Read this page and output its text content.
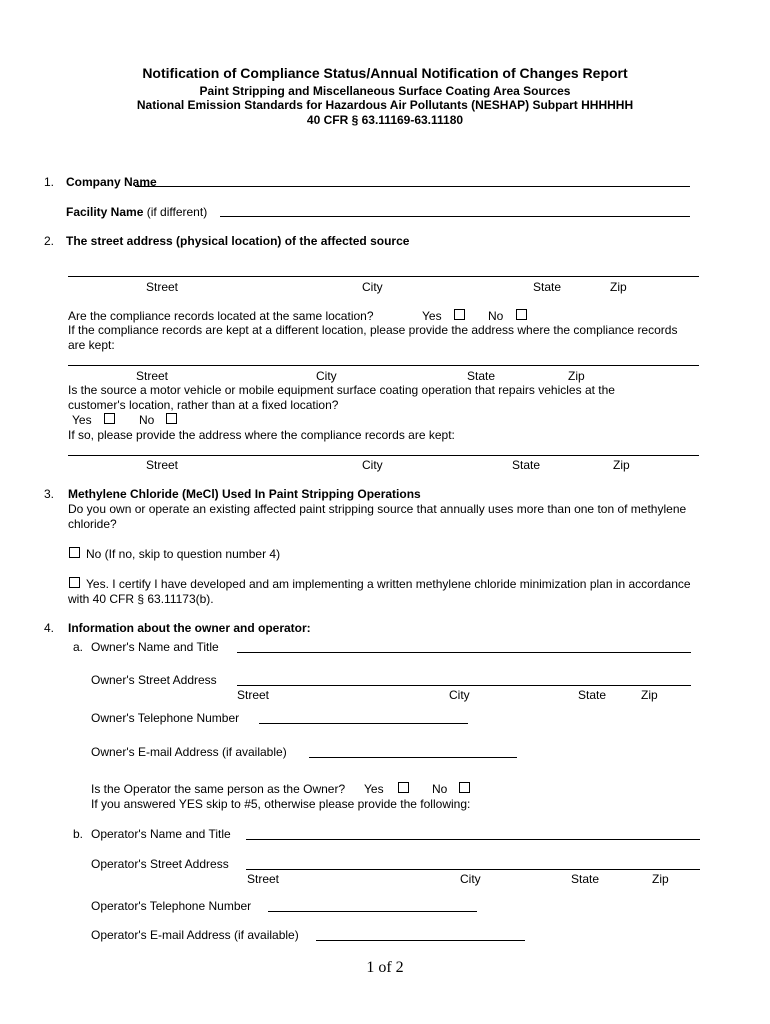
Notification of Compliance Status/Annual Notification of Changes Report
Paint Stripping and Miscellaneous Surface Coating Area Sources
National Emission Standards for Hazardous Air Pollutants (NESHAP) Subpart HHHHHH
40 CFR § 63.11169-63.11180
1. Company Name
Facility Name (if different)
2. The street address (physical location) of the affected source
Street	City	State	Zip
Are the compliance records located at the same location?	Yes	No
If the compliance records are kept at a different location, please provide the address where the compliance records
are kept:
Street	City	State	Zip
Is the source a motor vehicle or mobile equipment surface coating operation that repairs vehicles at the
customer's location, rather than at a fixed location?
Yes	No
If so, please provide the address where the compliance records are kept:
Street	City	State	Zip
3. Methylene Chloride (MeCl) Used In Paint Stripping Operations
Do you own or operate an existing affected paint stripping source that annually uses more than one ton of methylene
chloride?
No (If no, skip to question number 4)
Yes. I certify I have developed and am implementing a written methylene chloride minimization plan in accordance
with 40 CFR § 63.11173(b).
4. Information about the owner and operator:
a. Owner's Name and Title
Owner's Street Address
Street	City	State	Zip
Owner's Telephone Number
Owner's E-mail Address (if available)
Is the Operator the same person as the Owner? Yes	No
If you answered YES skip to #5, otherwise please provide the following:
b. Operator's Name and Title
Operator's Street Address
Street	City	State	Zip
Operator's Telephone Number
Operator's E-mail Address (if available)
1 of 2
